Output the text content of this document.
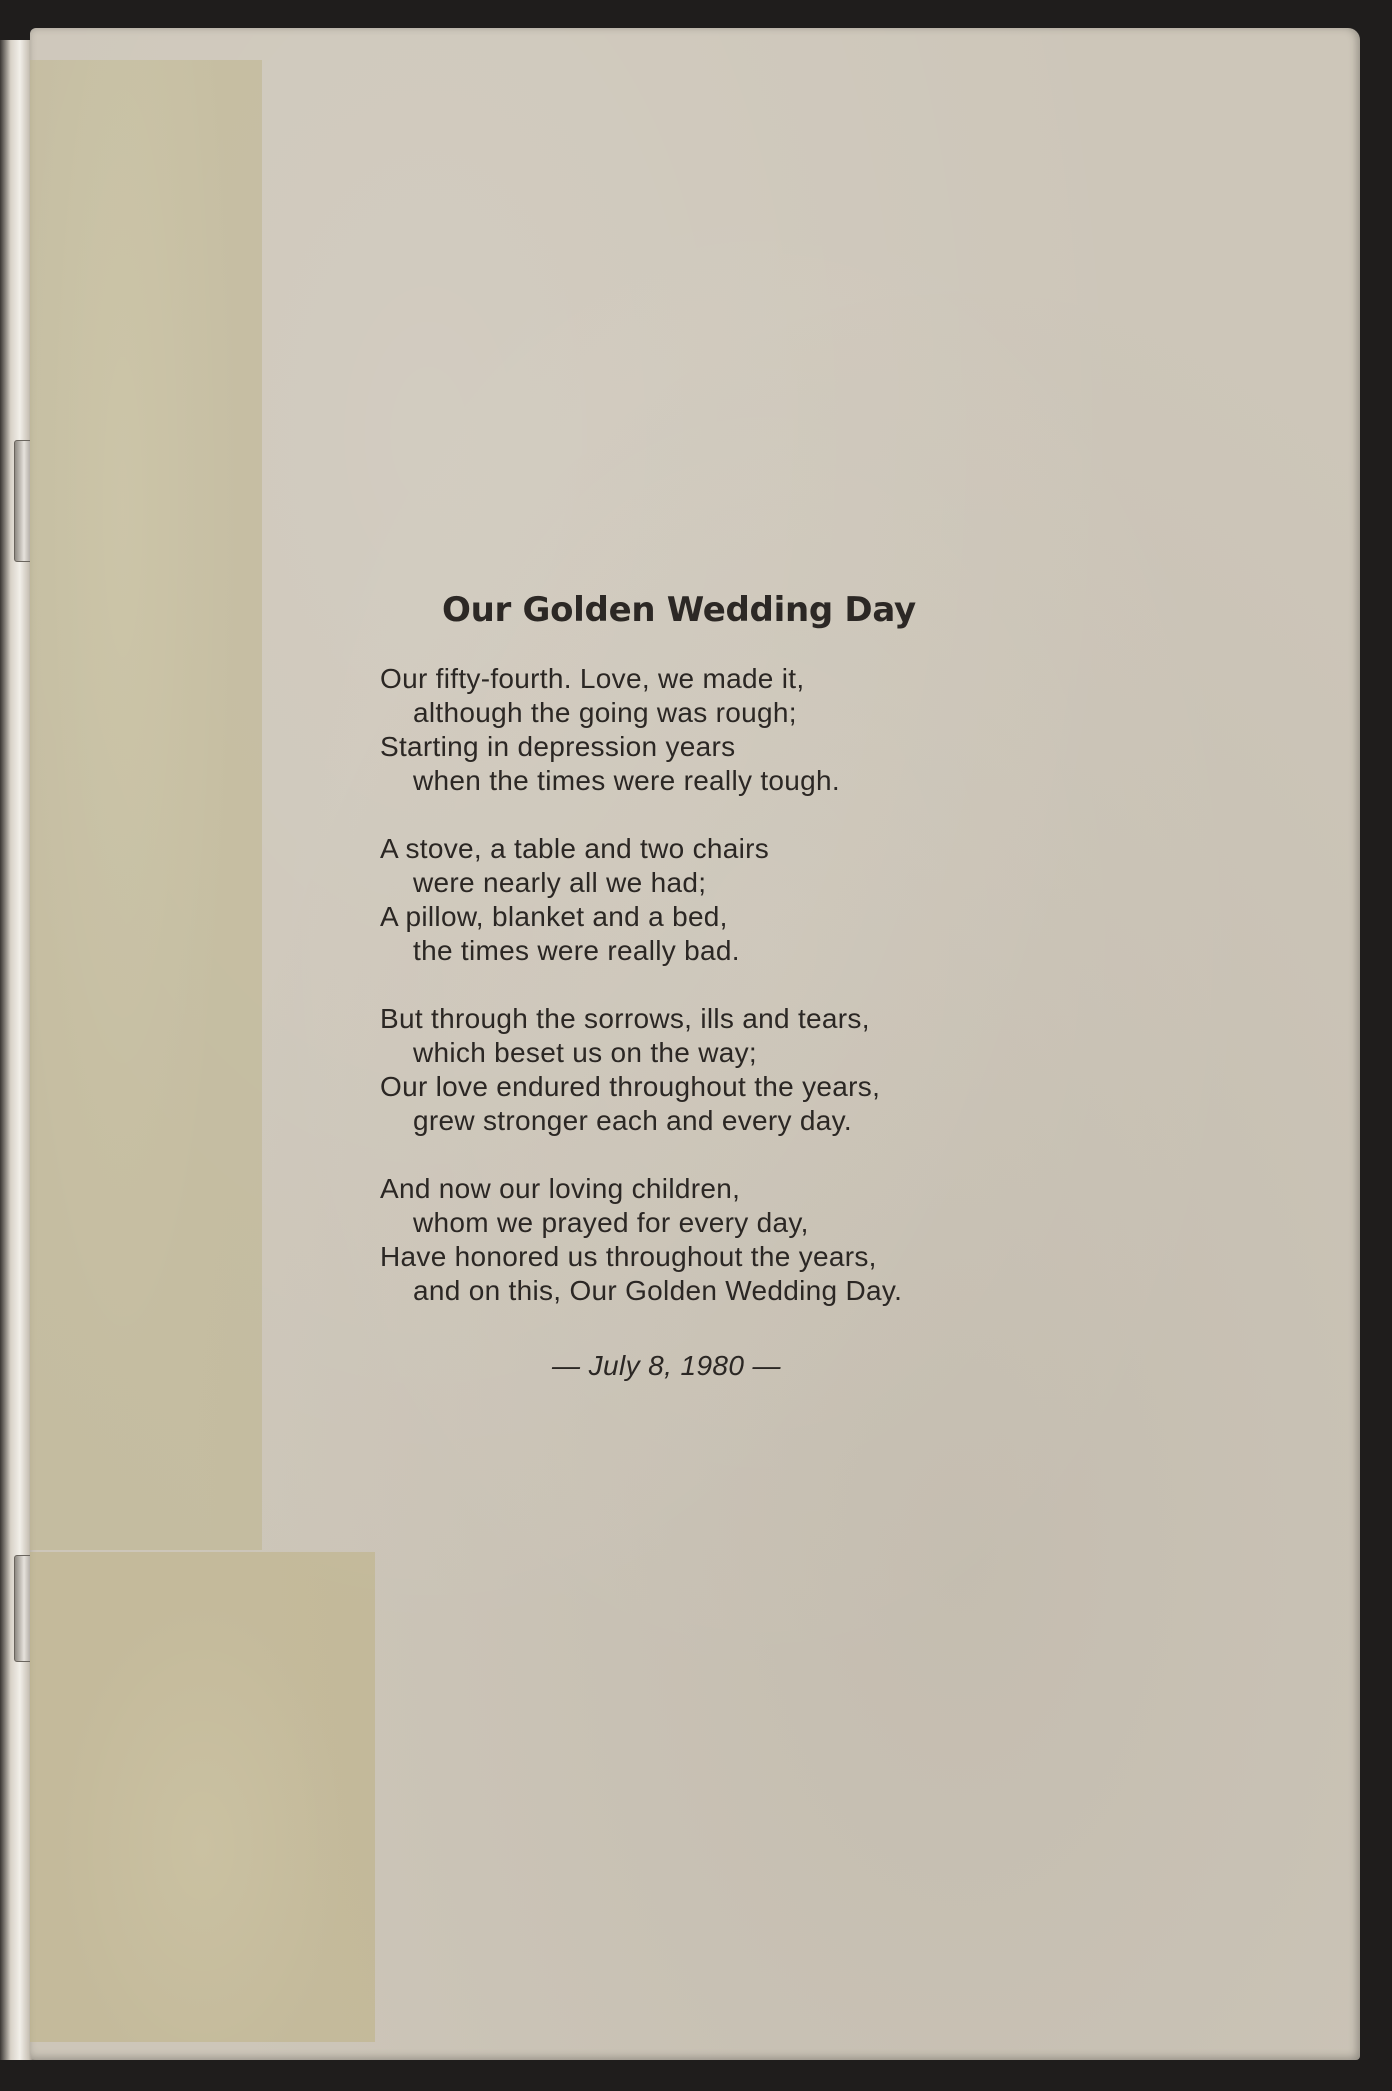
Our Golden Wedding Day
Our fifty-fourth. Love, we made it,
although the going was rough;
Starting in depression years
when the times were really tough.
A stove, a table and two chairs
were nearly all we had;
A pillow, blanket and a bed,
the times were really bad.
But through the sorrows, ills and tears,
which beset us on the way;
Our love endured throughout the years,
grew stronger each and every day.
And now our loving children,
whom we prayed for every day,
Have honored us throughout the years,
and on this, Our Golden Wedding Day.
— July 8, 1980 —
